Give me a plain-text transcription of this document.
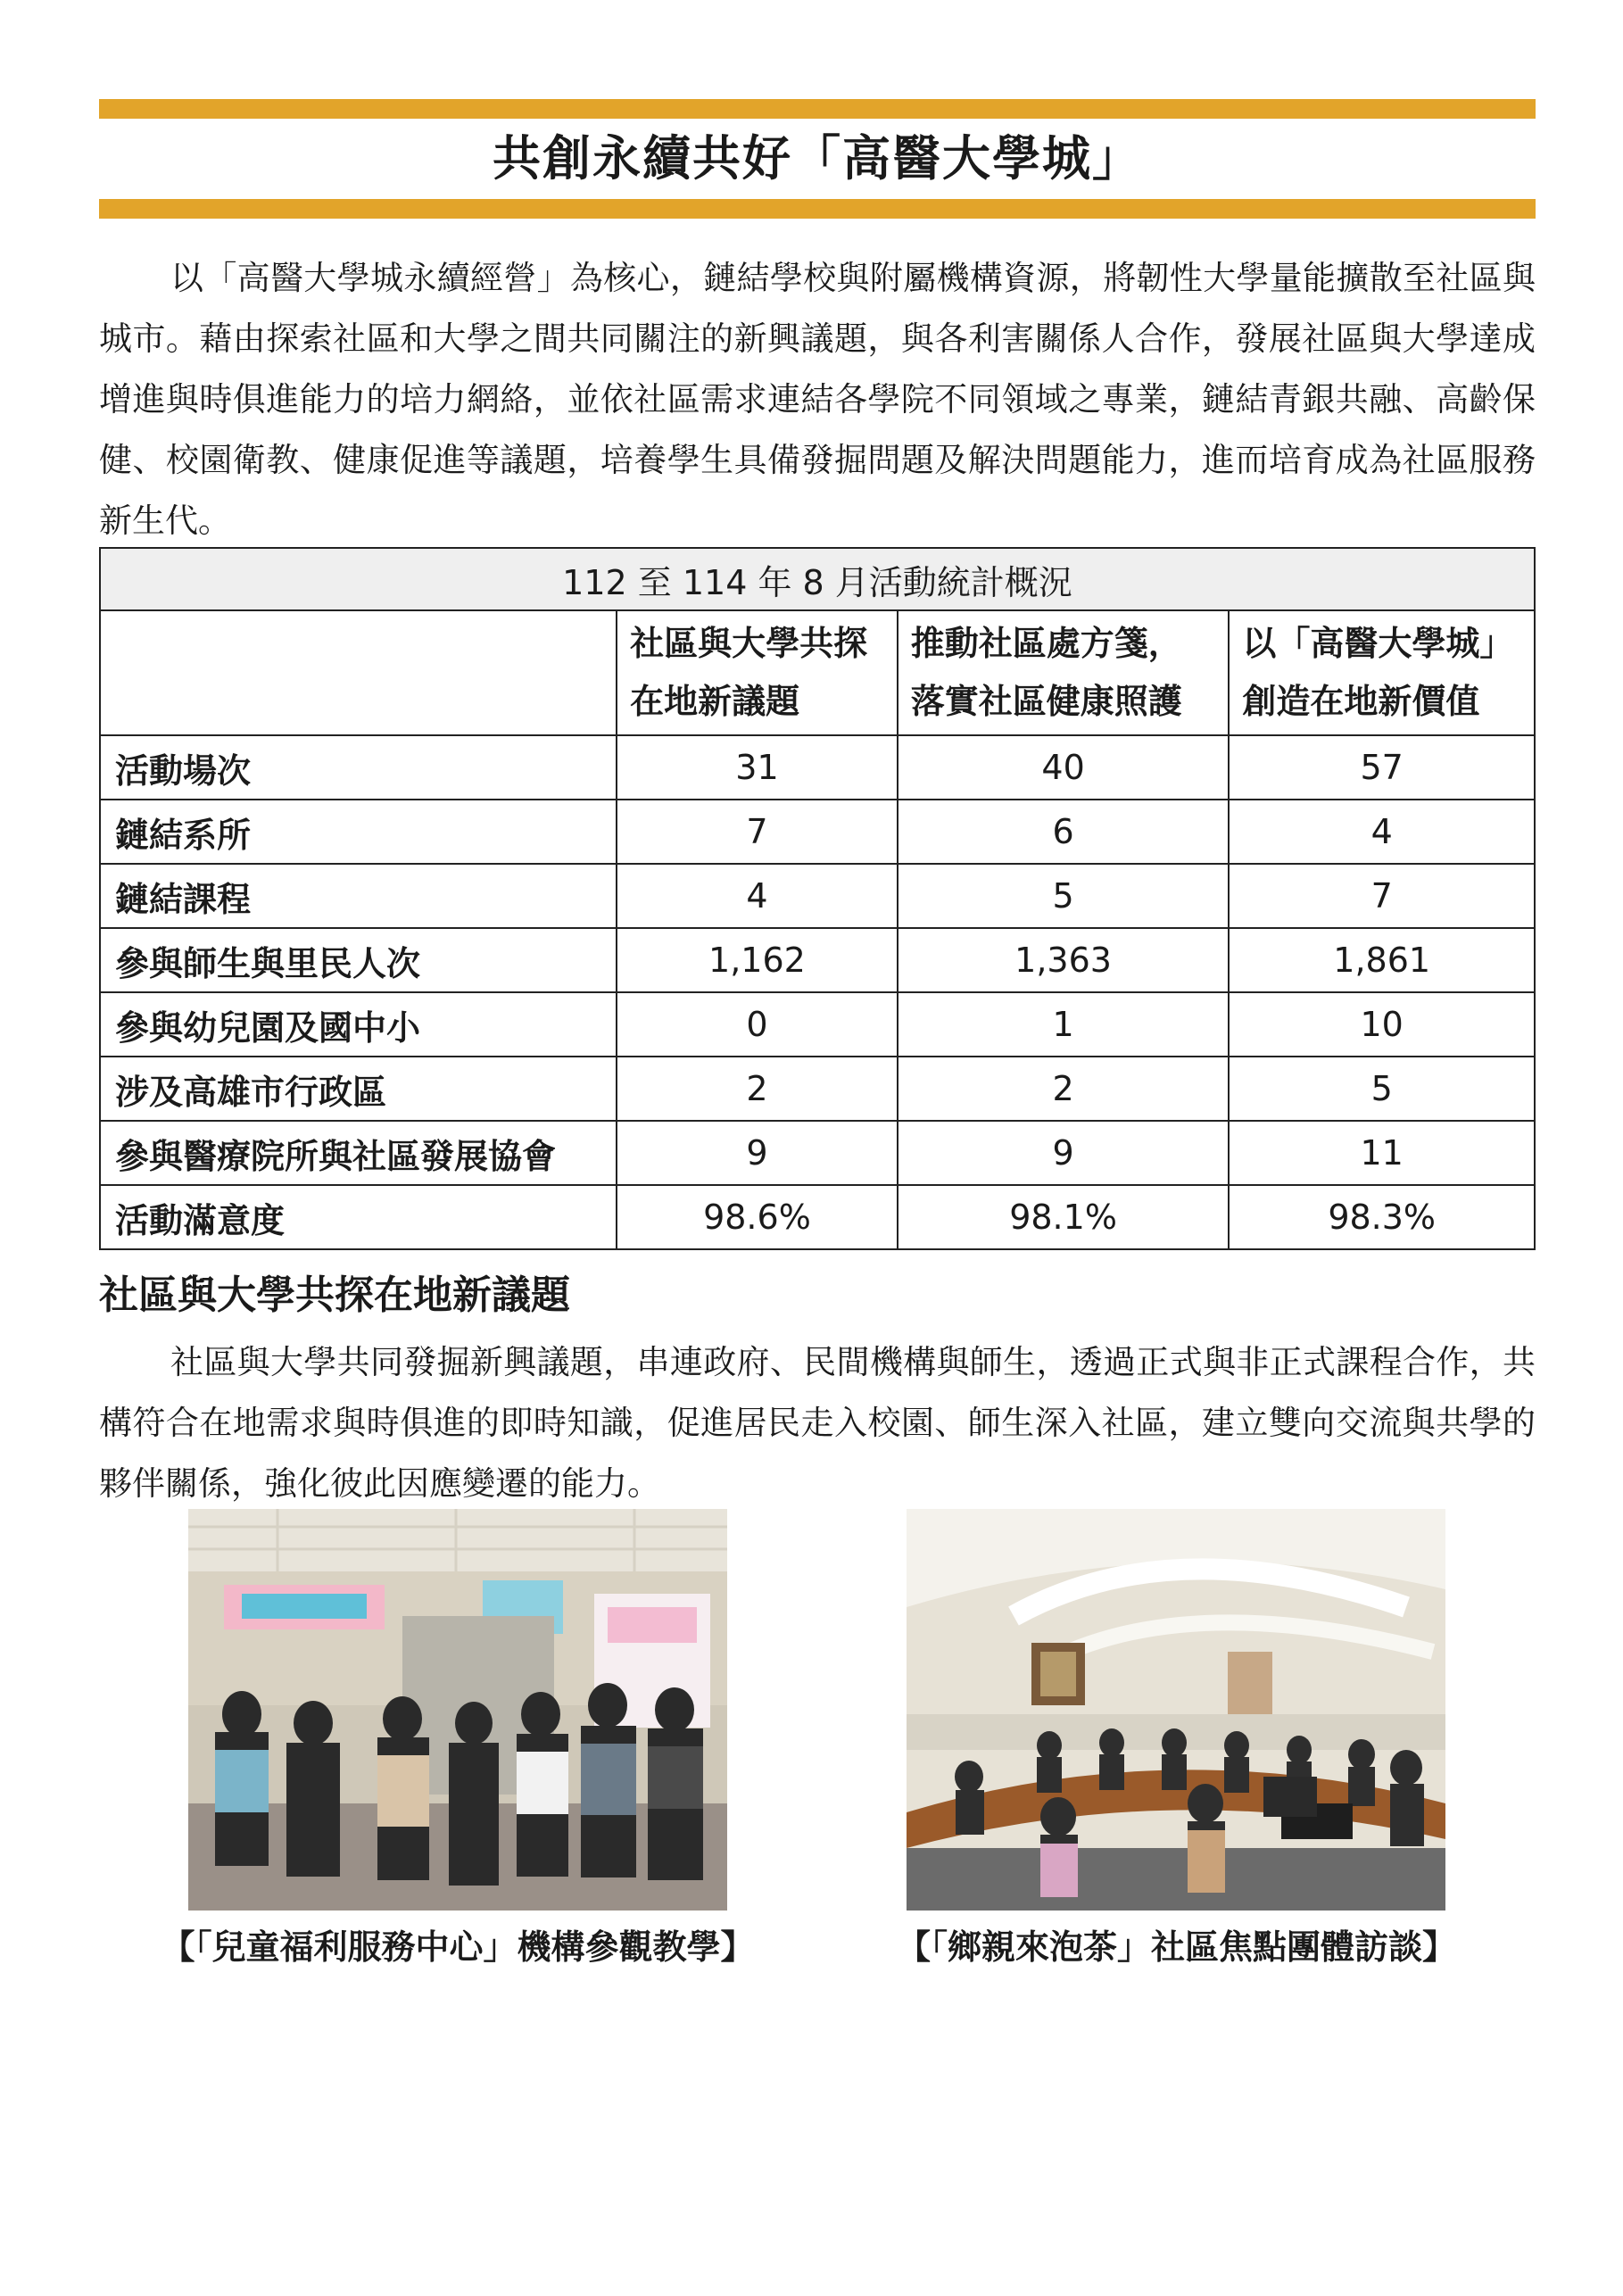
共創永續共好「高醫大學城」

以「高醫大學城永續經營」為核心，鏈結學校與附屬機構資源，將韌性大學量能擴散至社區與城市。藉由探索社區和大學之間共同關注的新興議題，與各利害關係人合作，發展社區與大學達成增進與時俱進能力的培力網絡，並依社區需求連結各學院不同領域之專業，鏈結青銀共融、高齡保健、校園衛教、健康促進等議題，培養學生具備發掘問題及解決問題能力，進而培育成為社區服務新生代。

112 至 114 年 8 月活動統計概況			
	社區與大學共探在地新議題	推動社區處方箋，落實社區健康照護	以「高醫大學城」創造在地新價值
活動場次	31	40	57
鏈結系所	7	6	4
鏈結課程	4	5	7
參與師生與里民人次	1,162	1,363	1,861
參與幼兒園及國中小	0	1	10
涉及高雄市行政區	2	2	5
參與醫療院所與社區發展協會	9	9	11
活動滿意度	98.6%	98.1%	98.3%
社區與大學共探在地新議題

社區與大學共同發掘新興議題，串連政府、民間機構與師生，透過正式與非正式課程合作，共構符合在地需求與時俱進的即時知識，促進居民走入校園、師生深入社區，建立雙向交流與共學的夥伴關係，強化彼此因應變遷的能力。

【「兒童福利服務中心」機構參觀教學】	【「鄉親來泡茶」社區焦點團體訪談】
